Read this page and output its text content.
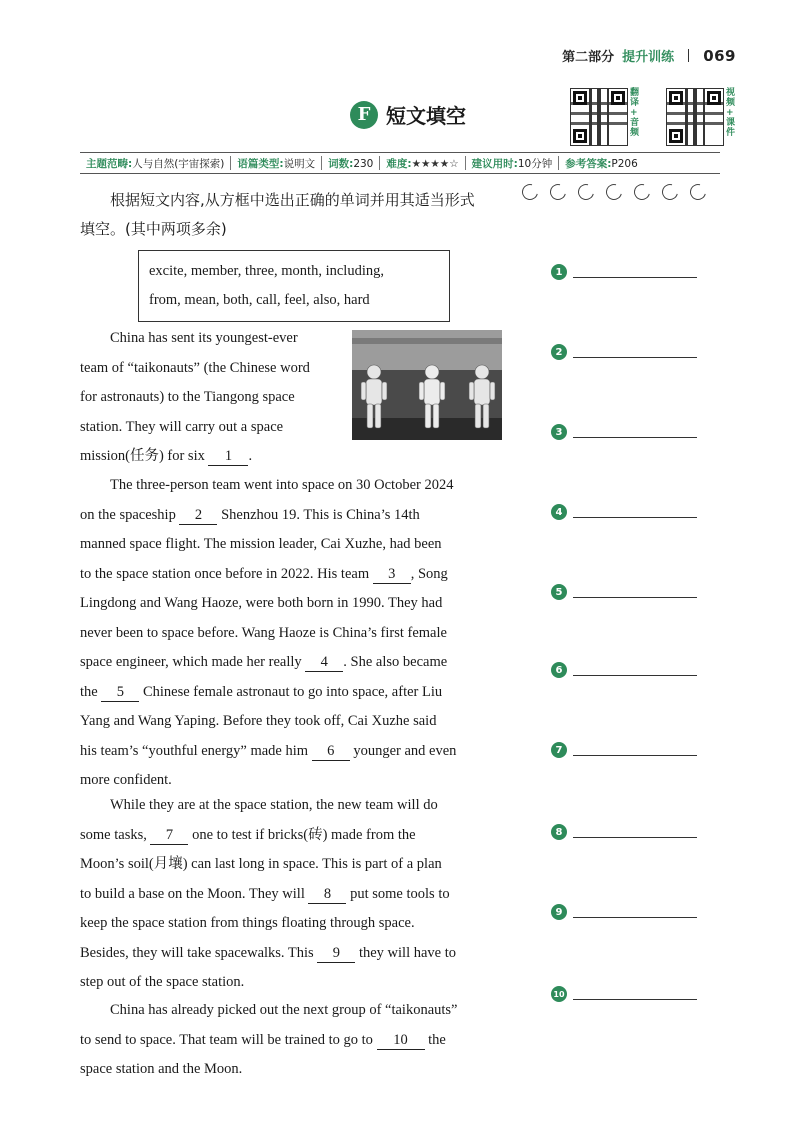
第二部分 提升训练 069
F 短文填空
翻
译
+
音
频
视
频
+
课
件
主题范畴:人与自然(宇宙探索)	语篇类型:说明文	词数:230	难度:★★★★☆	建议用时:10分钟	参考答案:P206
根据短文内容,从方框中选出正确的单词并用其适当形式
填空。(其中两项多余)
excite, member, three, month, including,
from, mean, both, call, feel, also, hard
China has sent its youngest-ever
team of “taikonauts” (the Chinese word
for astronauts) to the Tiangong space
station. They will carry out a space
mission(任务) for six 1 .
The three-person team went into space on 30 October 2024
on the spaceship 2 Shenzhou 19. This is China’s 14th
manned space flight. The mission leader, Cai Xuzhe, had been
to the space station once before in 2022. His team 3 , Song
Lingdong and Wang Haoze, were both born in 1990. They had
never been to space before. Wang Haoze is China’s first female
space engineer, which made her really 4 . She also became
the 5 Chinese female astronaut to go into space, after Liu
Yang and Wang Yaping. Before they took off, Cai Xuzhe said
his team’s “youthful energy” made him 6 younger and even
more confident.
While they are at the space station, the new team will do
some tasks, 7 one to test if bricks(砖) made from the
Moon’s soil(月壤) can last long in space. This is part of a plan
to build a base on the Moon. They will 8 put some tools to
keep the space station from things floating through space.
Besides, they will take spacewalks. This 9 they will have to
step out of the space station.
China has already picked out the next group of “taikonauts”
to send to space. That team will be trained to go to 10 the
space station and the Moon.
1
2
3
4
5
6
7
8
9
10
